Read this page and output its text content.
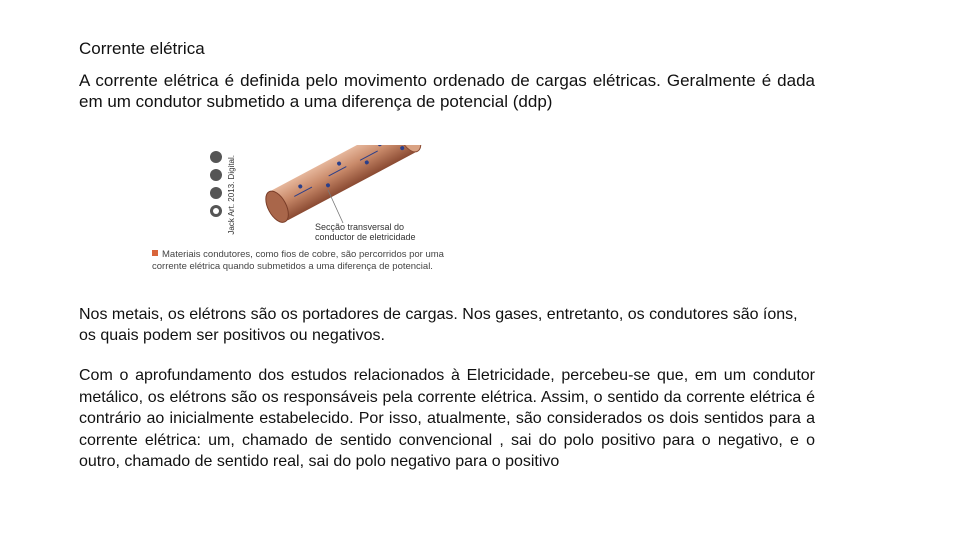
Corrente elétrica
A corrente elétrica é definida pelo movimento ordenado de cargas elétricas. Geralmente é dada em um condutor submetido a uma diferença de potencial (ddp)
Jack Art. 2013. Digital.	Secção transversal do
conductor de eletricidade
Materiais condutores, como fios de cobre, são percorridos por uma corrente elétrica quando submetidos a uma diferença de potencial.
Nos metais, os elétrons são os portadores de cargas. Nos gases, entretanto, os condutores são íons, os quais podem ser positivos ou negativos.
Com o aprofundamento dos estudos relacionados à Eletricidade, percebeu-se que, em um condutor metálico, os elétrons são os responsáveis pela corrente elétrica. Assim, o sentido da corrente elétrica é contrário ao inicialmente estabelecido. Por isso, atualmente, são considerados os dois sentidos para a corrente elétrica: um, chamado de sentido convencional , sai do polo positivo para o negativo, e o outro, chamado de sentido real, sai do polo negativo para o positivo
